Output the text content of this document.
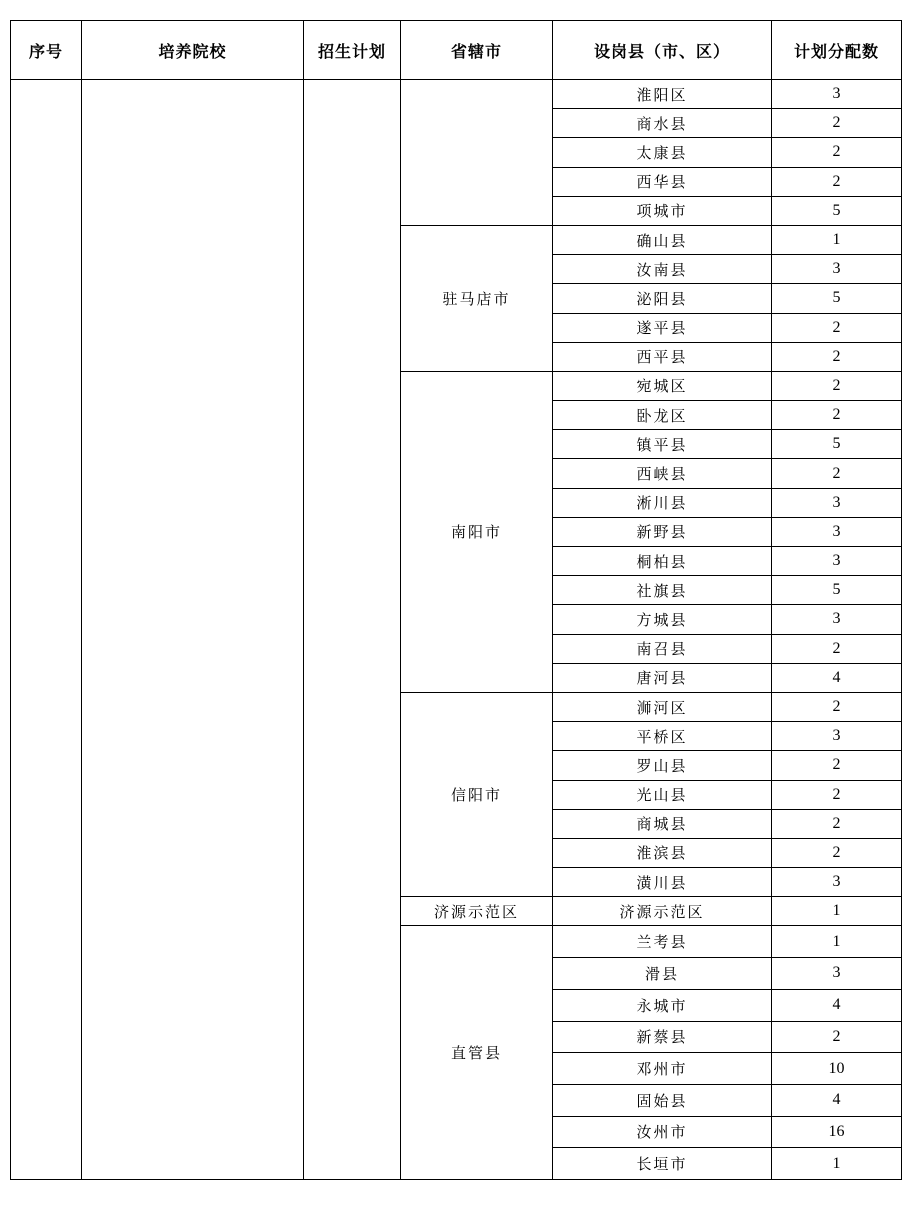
序号	培养院校	招生计划	省辖市	设岗县（市、区）	计划分配数
				淮阳区	3
				商水县	2
				太康县	2
				西华县	2
				项城市	5
			驻马店市	确山县	1
				汝南县	3
				泌阳县	5
				遂平县	2
				西平县	2
			南阳市	宛城区	2
				卧龙区	2
				镇平县	5
				西峡县	2
				淅川县	3
				新野县	3
				桐柏县	3
				社旗县	5
				方城县	3
				南召县	2
				唐河县	4
			信阳市	浉河区	2
				平桥区	3
				罗山县	2
				光山县	2
				商城县	2
				淮滨县	2
				潢川县	3
			济源示范区	济源示范区	1
			直管县	兰考县	1
				滑县	3
				永城市	4
				新蔡县	2
				邓州市	10
				固始县	4
				汝州市	16
				长垣市	1
